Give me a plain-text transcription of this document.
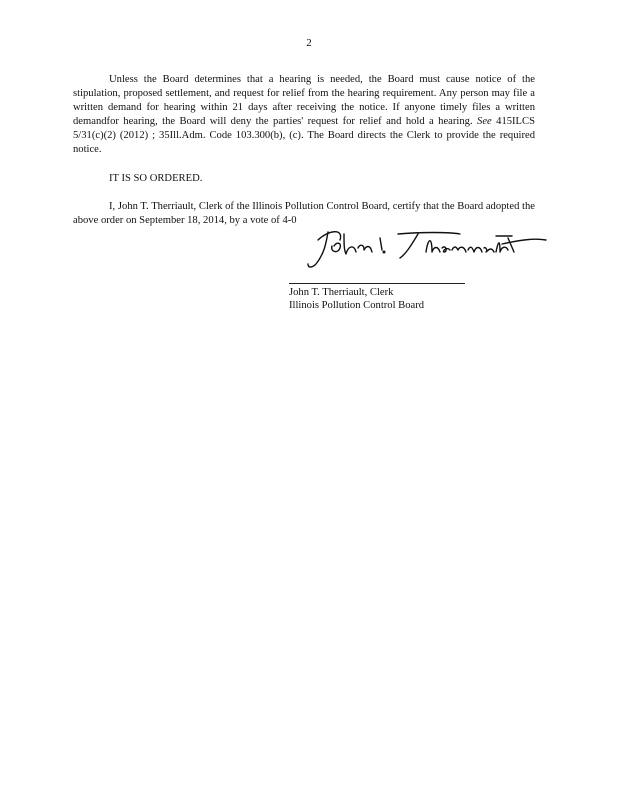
2

Unless the Board determines that a hearing is needed, the Board must cause notice of the stipulation, proposed settlement, and request for relief from the hearing requirement. Any person may file a written demand for hearing within 21 days after receiving the notice. If anyone timely files a written demandfor hearing, the Board will deny the parties' request for relief and hold a hearing. See 415ILCS 5/31(c)(2) (2012) ; 35Ill.Adm. Code 103.300(b), (c). The Board directs the Clerk to provide the required notice.

IT IS SO ORDERED.

I, John T. Therriault, Clerk of the Illinois Pollution Control Board, certify that the Board adopted the above order on September 18, 2014, by a vote of 4-0

John T. Therriault, Clerk
Illinois Pollution Control Board
